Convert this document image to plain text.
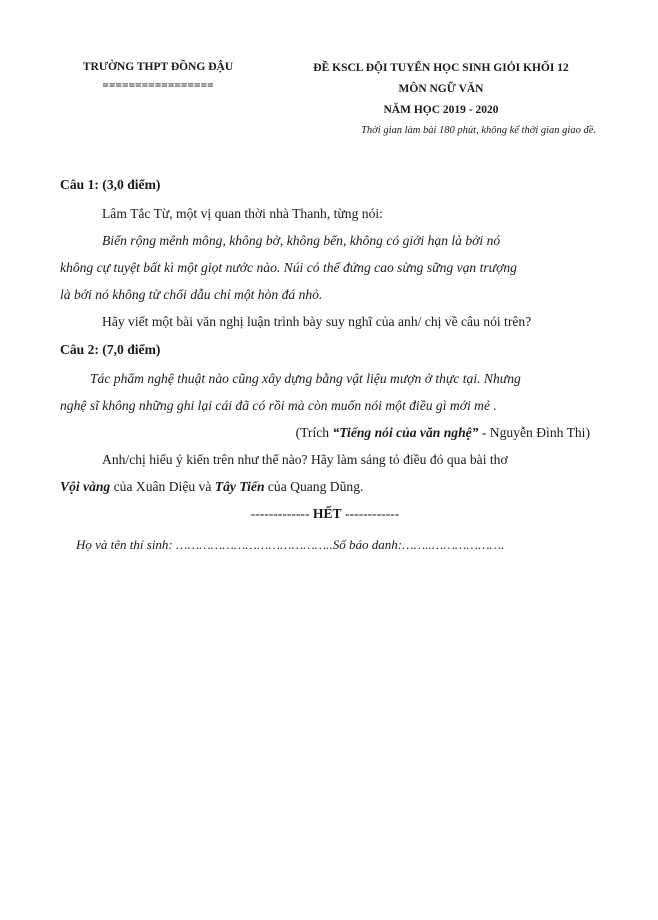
TRƯỜNG THPT ĐỒNG ĐẬU
=================
ĐỀ KSCL ĐỘI TUYỂN HỌC SINH GIỎI KHỐI 12
MÔN NGỮ VĂN
NĂM HỌC 2019 - 2020
Thời gian làm bài 180 phút, không kể thời gian giao đề.
Câu 1: (3,0 điểm)
Lâm Tắc Từ, một vị quan thời nhà Thanh, từng nói:
Biển rộng mênh mông, không bờ, không bến, không có giới hạn là bởi nó
không cự tuyệt bất kì một giọt nước nào. Núi có thể đứng cao sừng sững vạn trượng
là bởi nó không từ chối dẫu chỉ một hòn đá nhỏ.
Hãy viết một bài văn nghị luận trình bày suy nghĩ của anh/ chị về câu nói trên?
Câu 2: (7,0 điểm)
Tác phẩm nghệ thuật nào cũng xây dựng bằng vật liệu mượn ở thực tại. Nhưng
nghệ sĩ không những ghi lại cái đã có rồi mà còn muốn nói một điều gì mới mẻ .
(Trích “Tiếng nói của văn nghệ” - Nguyễn Đình Thi)
Anh/chị hiểu ý kiến trên như thế nào? Hãy làm sáng tỏ điều đó qua bài thơ
Vội vàng của Xuân Diệu và Tây Tiến của Quang Dũng.
------------- HẾT ------------
Họ và tên thí sinh: …………………………………..Số báo danh:……..……………….
